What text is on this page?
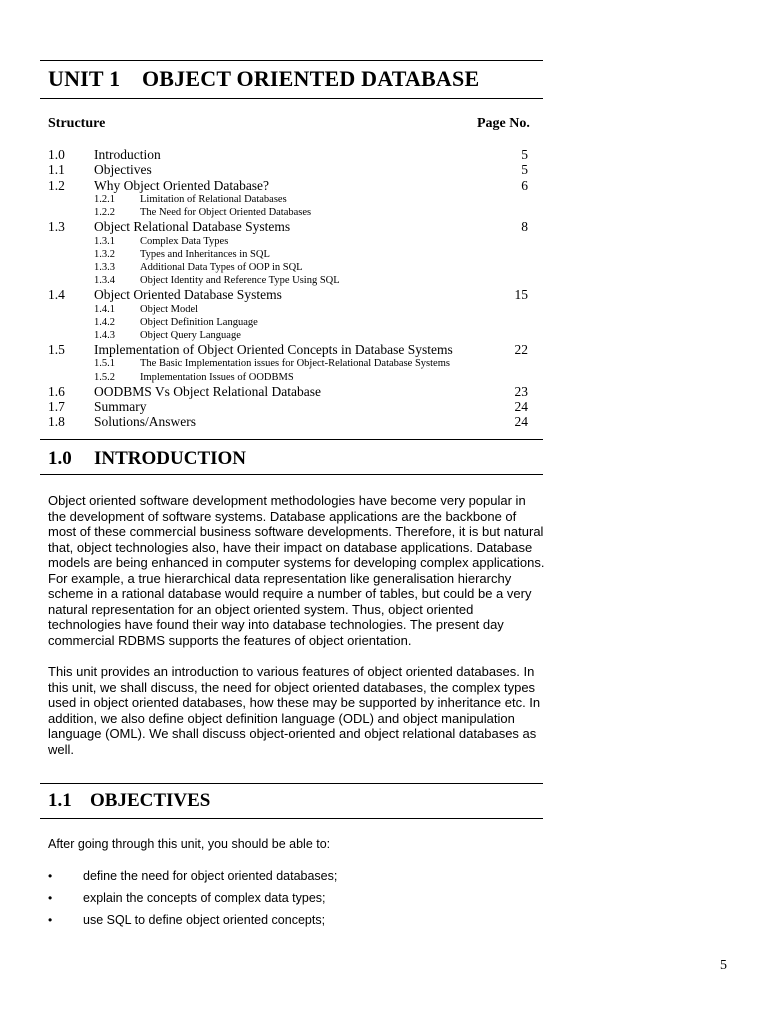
UNIT 1 OBJECT ORIENTED DATABASE
Structure	Page No.
1.0 Introduction	5
1.1 Objectives	5
1.2 Why Object Oriented Database?	6
1.2.1 Limitation of Relational Databases
1.2.2 The Need for Object Oriented Databases
1.3 Object Relational Database Systems	8
1.3.1 Complex Data Types
1.3.2 Types and Inheritances in SQL
1.3.3 Additional Data Types of OOP in SQL
1.3.4 Object Identity and Reference Type Using SQL
1.4 Object Oriented Database Systems	15
1.4.1 Object Model
1.4.2 Object Definition Language
1.4.3 Object Query Language
1.5 Implementation of Object Oriented Concepts in Database Systems	22
1.5.1 The Basic Implementation issues for Object-Relational Database Systems
1.5.2 Implementation Issues of OODBMS
1.6 OODBMS Vs Object Relational Database	23
1.7 Summary	24
1.8 Solutions/Answers	24
1.0 INTRODUCTION

Object oriented software development methodologies have become very popular in the development of software systems. Database applications are the backbone of most of these commercial business software developments. Therefore, it is but natural that, object technologies also, have their impact on database applications. Database models are being enhanced in computer systems for developing complex applications. For example, a true hierarchical data representation like generalisation hierarchy scheme in a rational database would require a number of tables, but could be a very natural representation for an object oriented system. Thus, object oriented technologies have found their way into database technologies. The present day commercial RDBMS supports the features of object orientation.

This unit provides an introduction to various features of object oriented databases. In this unit, we shall discuss, the need for object oriented databases, the complex types used in object oriented databases, how these may be supported by inheritance etc. In addition, we also define object definition language (ODL) and object manipulation language (OML). We shall discuss object-oriented and object relational databases as well.

1.1 OBJECTIVES
After going through this unit, you should be able to:
• define the need for object oriented databases;
• explain the concepts of complex data types;
• use SQL to define object oriented concepts;
5
